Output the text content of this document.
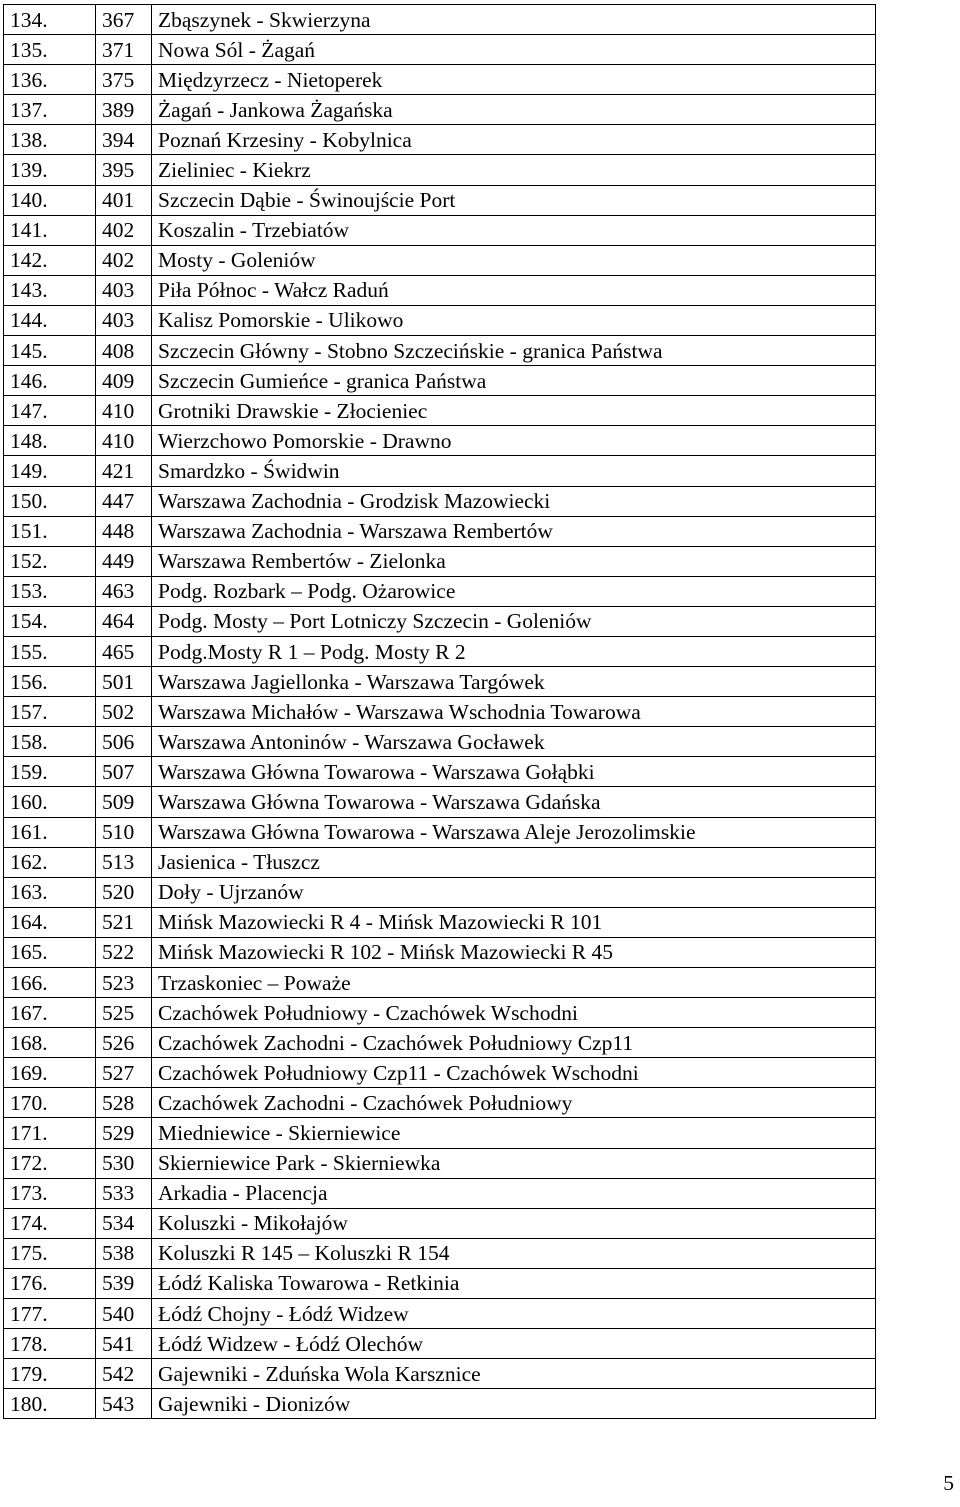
134.	367	Zbąszynek - Skwierzyna
135.	371	Nowa Sól - Żagań
136.	375	Międzyrzecz - Nietoperek
137.	389	Żagań - Jankowa Żagańska
138.	394	Poznań Krzesiny - Kobylnica
139.	395	Zieliniec - Kiekrz
140.	401	Szczecin Dąbie - Świnoujście Port
141.	402	Koszalin - Trzebiatów
142.	402	Mosty - Goleniów
143.	403	Piła Północ - Wałcz Raduń
144.	403	Kalisz Pomorskie - Ulikowo
145.	408	Szczecin Główny - Stobno Szczecińskie - granica Państwa
146.	409	Szczecin Gumieńce - granica Państwa
147.	410	Grotniki Drawskie - Złocieniec
148.	410	Wierzchowo Pomorskie - Drawno
149.	421	Smardzko - Świdwin
150.	447	Warszawa Zachodnia - Grodzisk Mazowiecki
151.	448	Warszawa Zachodnia - Warszawa Rembertów
152.	449	Warszawa Rembertów - Zielonka
153.	463	Podg. Rozbark – Podg. Ożarowice
154.	464	Podg. Mosty – Port Lotniczy Szczecin - Goleniów
155.	465	Podg.Mosty R 1 – Podg. Mosty R 2
156.	501	Warszawa Jagiellonka - Warszawa Targówek
157.	502	Warszawa Michałów - Warszawa Wschodnia Towarowa
158.	506	Warszawa Antoninów - Warszawa Gocławek
159.	507	Warszawa Główna Towarowa - Warszawa Gołąbki
160.	509	Warszawa Główna Towarowa - Warszawa Gdańska
161.	510	Warszawa Główna Towarowa - Warszawa Aleje Jerozolimskie
162.	513	Jasienica - Tłuszcz
163.	520	Doły - Ujrzanów
164.	521	Mińsk Mazowiecki R 4 - Mińsk Mazowiecki R 101
165.	522	Mińsk Mazowiecki R 102 - Mińsk Mazowiecki R 45
166.	523	Trzaskoniec – Poważe
167.	525	Czachówek Południowy - Czachówek Wschodni
168.	526	Czachówek Zachodni - Czachówek Południowy Czp11
169.	527	Czachówek Południowy Czp11 - Czachówek Wschodni
170.	528	Czachówek Zachodni - Czachówek Południowy
171.	529	Miedniewice - Skierniewice
172.	530	Skierniewice Park - Skierniewka
173.	533	Arkadia - Placencja
174.	534	Koluszki - Mikołajów
175.	538	Koluszki R 145 – Koluszki R 154
176.	539	Łódź Kaliska Towarowa - Retkinia
177.	540	Łódź Chojny - Łódź Widzew
178.	541	Łódź Widzew - Łódź Olechów
179.	542	Gajewniki - Zduńska Wola Karsznice
180.	543	Gajewniki - Dionizów
5
